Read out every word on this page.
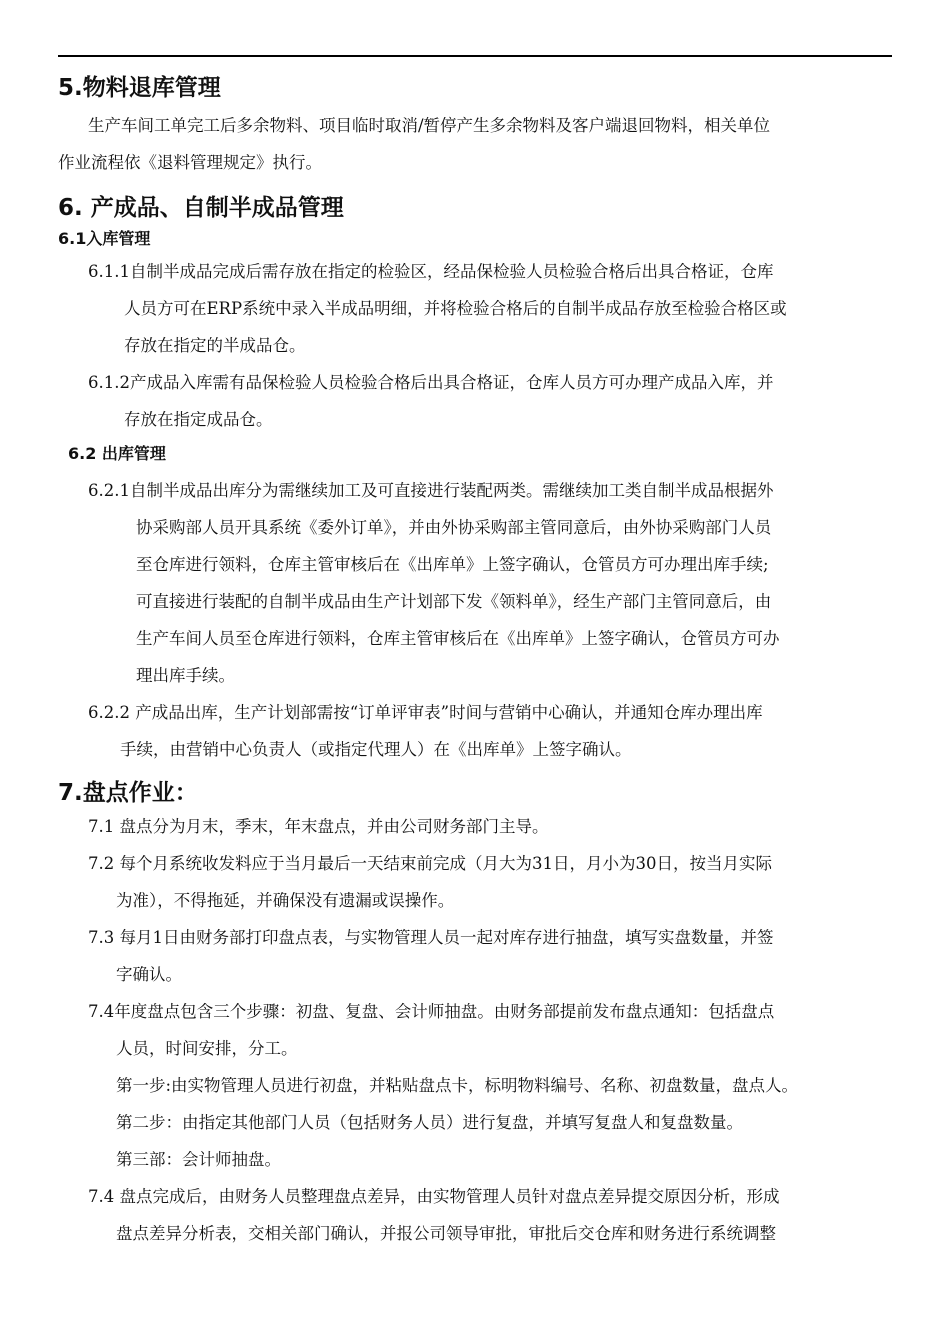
5.物料退库管理
生产车间工单完工后多余物料、项目临时取消/暂停产生多余物料及客户端退回物料，相关单位
作业流程依《退料管理规定》执行。
6. 产成品、自制半成品管理
6.1入库管理
6.1.1 自制半成品完成后需存放在指定的检验区，经品保检验人员检验合格后出具合格证，仓库
人员方可在ERP系统中录入半成品明细，并将检验合格后的自制半成品存放至检验合格区或
存放在指定的半成品仓。
6.1.2 产成品入库需有品保检验人员检验合格后出具合格证，仓库人员方可办理产成品入库，并
存放在指定成品仓。
6.2 出库管理
6.2.1 自制半成品出库分为需继续加工及可直接进行装配两类。需继续加工类自制半成品根据外
协采购部人员开具系统《委外订单》，并由外协采购部主管同意后，由外协采购部门人员
至仓库进行领料，仓库主管审核后在《出库单》上签字确认，仓管员方可办理出库手续;
可直接进行装配的自制半成品由生产计划部下发《领料单》，经生产部门主管同意后，由
生产车间人员至仓库进行领料，仓库主管审核后在《出库单》上签字确认，仓管员方可办
理出库手续。
6.2.2 产成品出库，生产计划部需按“订单评审表”时间与营销中心确认，并通知仓库办理出库
手续，由营销中心负责人（或指定代理人）在《出库单》上签字确认。
7.盘点作业：
7.1 盘点分为月末，季末，年末盘点，并由公司财务部门主导。
7.2 每个月系统收发料应于当月最后一天结束前完成（月大为31日，月小为30日，按当月实际
为准），不得拖延，并确保没有遗漏或误操作。
7.3 每月1日由财务部打印盘点表，与实物管理人员一起对库存进行抽盘，填写实盘数量，并签
字确认。
7.4 年度盘点包含三个步骤：初盘、复盘、会计师抽盘。由财务部提前发布盘点通知：包括盘点
人员，时间安排，分工。
第一步:由实物管理人员进行初盘，并粘贴盘点卡，标明物料编号、名称、初盘数量，盘点人。
第二步：由指定其他部门人员（包括财务人员）进行复盘，并填写复盘人和复盘数量。
第三部：会计师抽盘。
7.4 盘点完成后，由财务人员整理盘点差异，由实物管理人员针对盘点差异提交原因分析，形成
盘点差异分析表，交相关部门确认，并报公司领导审批，审批后交仓库和财务进行系统调整
